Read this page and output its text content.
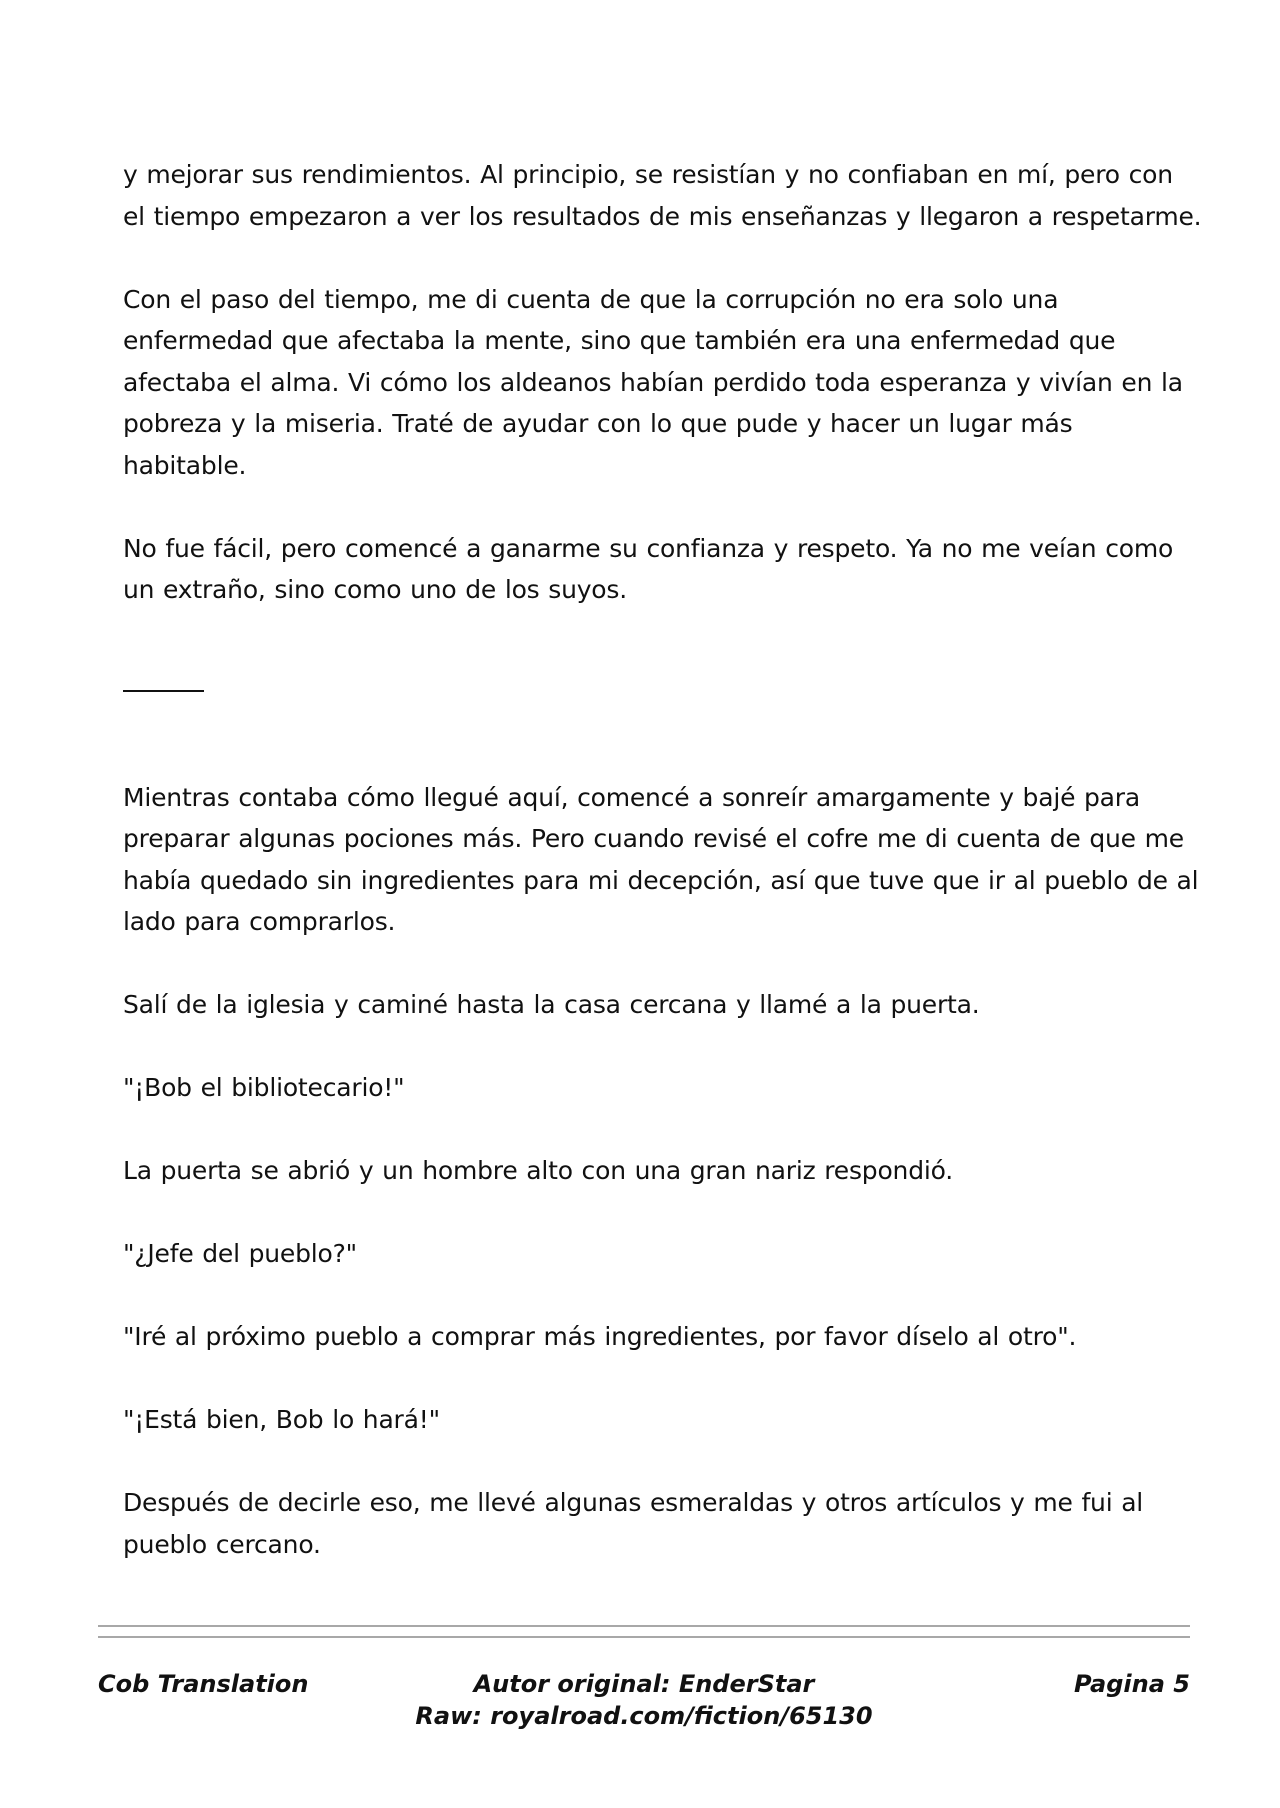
y mejorar sus rendimientos. Al principio, se resistían y no confiaban en mí, pero con el tiempo empezaron a ver los resultados de mis enseñanzas y llegaron a respetarme.

Con el paso del tiempo, me di cuenta de que la corrupción no era solo una enfermedad que afectaba la mente, sino que también era una enfermedad que afectaba el alma. Vi cómo los aldeanos habían perdido toda esperanza y vivían en la pobreza y la miseria. Traté de ayudar con lo que pude y hacer un lugar más habitable.

No fue fácil, pero comencé a ganarme su confianza y respeto. Ya no me veían como un extraño, sino como uno de los suyos.

Mientras contaba cómo llegué aquí, comencé a sonreír amargamente y bajé para preparar algunas pociones más. Pero cuando revisé el cofre me di cuenta de que me había quedado sin ingredientes para mi decepción, así que tuve que ir al pueblo de al lado para comprarlos.

Salí de la iglesia y caminé hasta la casa cercana y llamé a la puerta.

"¡Bob el bibliotecario!"

La puerta se abrió y un hombre alto con una gran nariz respondió.

"¿Jefe del pueblo?"

"Iré al próximo pueblo a comprar más ingredientes, por favor díselo al otro".

"¡Está bien, Bob lo hará!"

Después de decirle eso, me llevé algunas esmeraldas y otros artículos y me fui al pueblo cercano.

Cob Translation	Autor original: EnderStar
Raw: royalroad.com/fiction/65130
Pagina 5
